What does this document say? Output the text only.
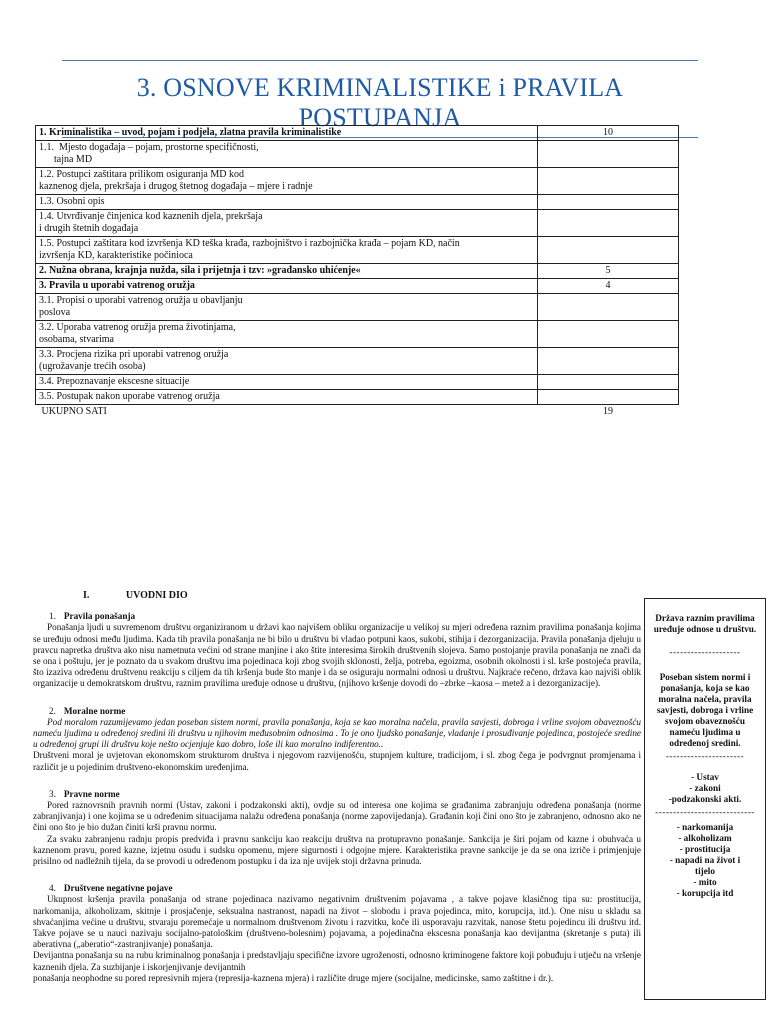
3. OSNOVE KRIMINALISTIKE i PRAVILA POSTUPANJA
1. Kriminalistika – uvod, pojam i podjela, zlatna pravila kriminalistike	10

1.1.  Mjesto događaja – pojam, prostorne specifičnosti,
tajna MD	

1.2. Postupci zaštitara prilikom osiguranja MD kod
kaznenog djela, prekršaja i drugog štetnog događaja – mjere i radnje	

1.3. Osobni opis	

1.4. Utvrđivanje činjenica kod kaznenih djela, prekršaja
i drugih štetnih događaja	

1.5. Postupci zaštitara kod izvršenja KD teška krađa, razbojništvo i razbojnička krađa – pojam KD, način
izvršenja KD, karakteristike počinioca	

2. Nužna obrana, krajnja nužda, sila i prijetnja i tzv: »građansko uhićenje«	5

3. Pravila u uporabi vatrenog oružja	4

3.1. Propisi o uporabi vatrenog oružja u obavljanju
poslova	

3.2. Uporaba vatrenog oružja prema životinjama,
osobama, stvarima	

3.3. Procjena rizika pri uporabi vatrenog oružja
(ugrožavanje trećih osoba)	

3.4. Prepoznavanje ekscesne situacije	

3.5. Postupak nakon uporabe vatrenog oružja	

UKUPNO SATI	19

I.	UVODNI DIO

1. Pravila ponašanja

Ponašanja ljudi u suvremenom društvu organiziranom u državi kao najvišem obliku organizacije u velikoj su mjeri određena raznim pravilima ponašanja kojima se uređuju odnosi među ljudima. Kada tih pravila ponašanja ne bi bilo u društvu bi vladao potpuni kaos, sukobi, stihija i dezorganizacija. Pravila ponašanja djeluju u pravcu napretka društva ako nisu nametnuta većini od strane manjine i ako štite interesima širokih društvenih slojeva. Samo postojanje pravila ponašanja ne znači da se ona i poštuju, jer je poznato da u svakom društvu ima pojedinaca koji zbog svojih sklonosti, želja, potreba, egoizma, osobnih okolnosti i sl. krše postojeća pravila, što izaziva određenu društvenu reakciju s ciljem da tih kršenja bude što manje i da se osiguraju normalni odnosi u društvu. Najkraće rečeno, država kao najviši oblik organizacije u demokratskom društvu, raznim pravilima uređuje odnose u društvu, (njihovo kršenje dovodi do –zbrke –kaosa – metež a i dezorganizacije).

2. Moralne norme

Pod moralom razumijevamo jedan poseban sistem normi, pravila ponašanja, koja se kao moralna načela, pravila savjesti, dobroga i vrline svojom obaveznošću nameću ljudima u određenoj sredini ili društvu u njihovim međusobnim odnosima . To je ono ljudsko ponašanje, vladanje i prosuđivanje pojedinca, postojeće sredine u određenoj grupi ili društvu koje nešto ocjenjuje kao dobro, loše ili kao moralno indiferentno..

Društveni moral je uvjetovan ekonomskom strukturom društva i njegovom razvijenošću, stupnjem kulture, tradicijom, i sl. zbog čega je podvrgnut promjenama i različit je u pojedinim društveno-ekonomskim uređenjima.

3. Pravne norme

Pored raznovrsnih pravnih normi (Ustav, zakoni i podzakonski akti), ovdje su od interesa one kojima se građanima zabranjuju određena ponašanja (norme zabranjivanja) i one kojima se u određenim situacijama nalažu određena ponašanja (norme zapovijedanja). Građanin koji čini ono što je zabranjeno, odnosno ako ne čini ono što je bio dužan činiti krši pravnu normu.

Za svaku zabranjenu radnju propis predviđa i pravnu sankciju kao reakciju društva na protupravno ponašanje. Sankcija je širi pojam od kazne i obuhvaća u kaznenom pravu, pored kazne, izjetnu osudu i sudsku opomenu, mjere sigurnosti i odgojne mjere. Karakteristika pravne sankcije je da se ona izriče i primjenjuje prisilno od nadležnih tijela, da se provodi u određenom postupku i da iza nje uvijek stoji državna prinuda.

4. Društvene negativne pojave

Ukupnost kršenja pravila ponašanja od strane pojedinaca nazivamo negativnim društvenim pojavama , a takve pojave klasičnog tipa su: prostitucija, narkomanija, alkoholizam, skitnje i prosjačenje, seksualna nastranost, napadi na život – slobodu i prava pojedinca, mito, korupcija, itd.). One nisu u skladu sa shvaćanjima većine u društvu, stvaraju poremećaje u normalnom društvenom životu i razvitku, koče ili usporavaju razvitak, nanose štetu pojedincu ili društvu itd. Takve pojave se u nauci nazivaju socijalno-patološkim (društveno-bolesnim) pojavama, a pojedinačna ekscesna ponašanja kao devijantna (skretanje s puta) ili aberativna („aberatio“-zastranjivanje) ponašanja.

Devijantna ponašanja su na rubu kriminalnog ponašanja i predstavljaju specifične izvore ugroženosti, odnosno kriminogene faktore koji pobuđuju i utječu na vršenje kaznenih djela. Za suzbijanje i iskorjenjivanje devijantnih

ponašanja neophodne su pored represivnih mjera (represija-kaznena mjera) i različite druge mjere (socijalne, medicinske, samo zaštitne i dr.).

Država raznim pravilima uređuje odnose u društvu.
--------------------
Poseban sistem normi i ponašanja, koja se kao moralna načela, pravila savjesti, dobroga i vrline svojom obaveznošću nameću ljudima u određenoj sredini.
----------------------
- Ustav
- zakoni
-podzakonski akti.
----------------------------
- narkomanija
- alkoholizam
- prostitucija
- napadi na život i tijelo
- mito
- korupcija itd
